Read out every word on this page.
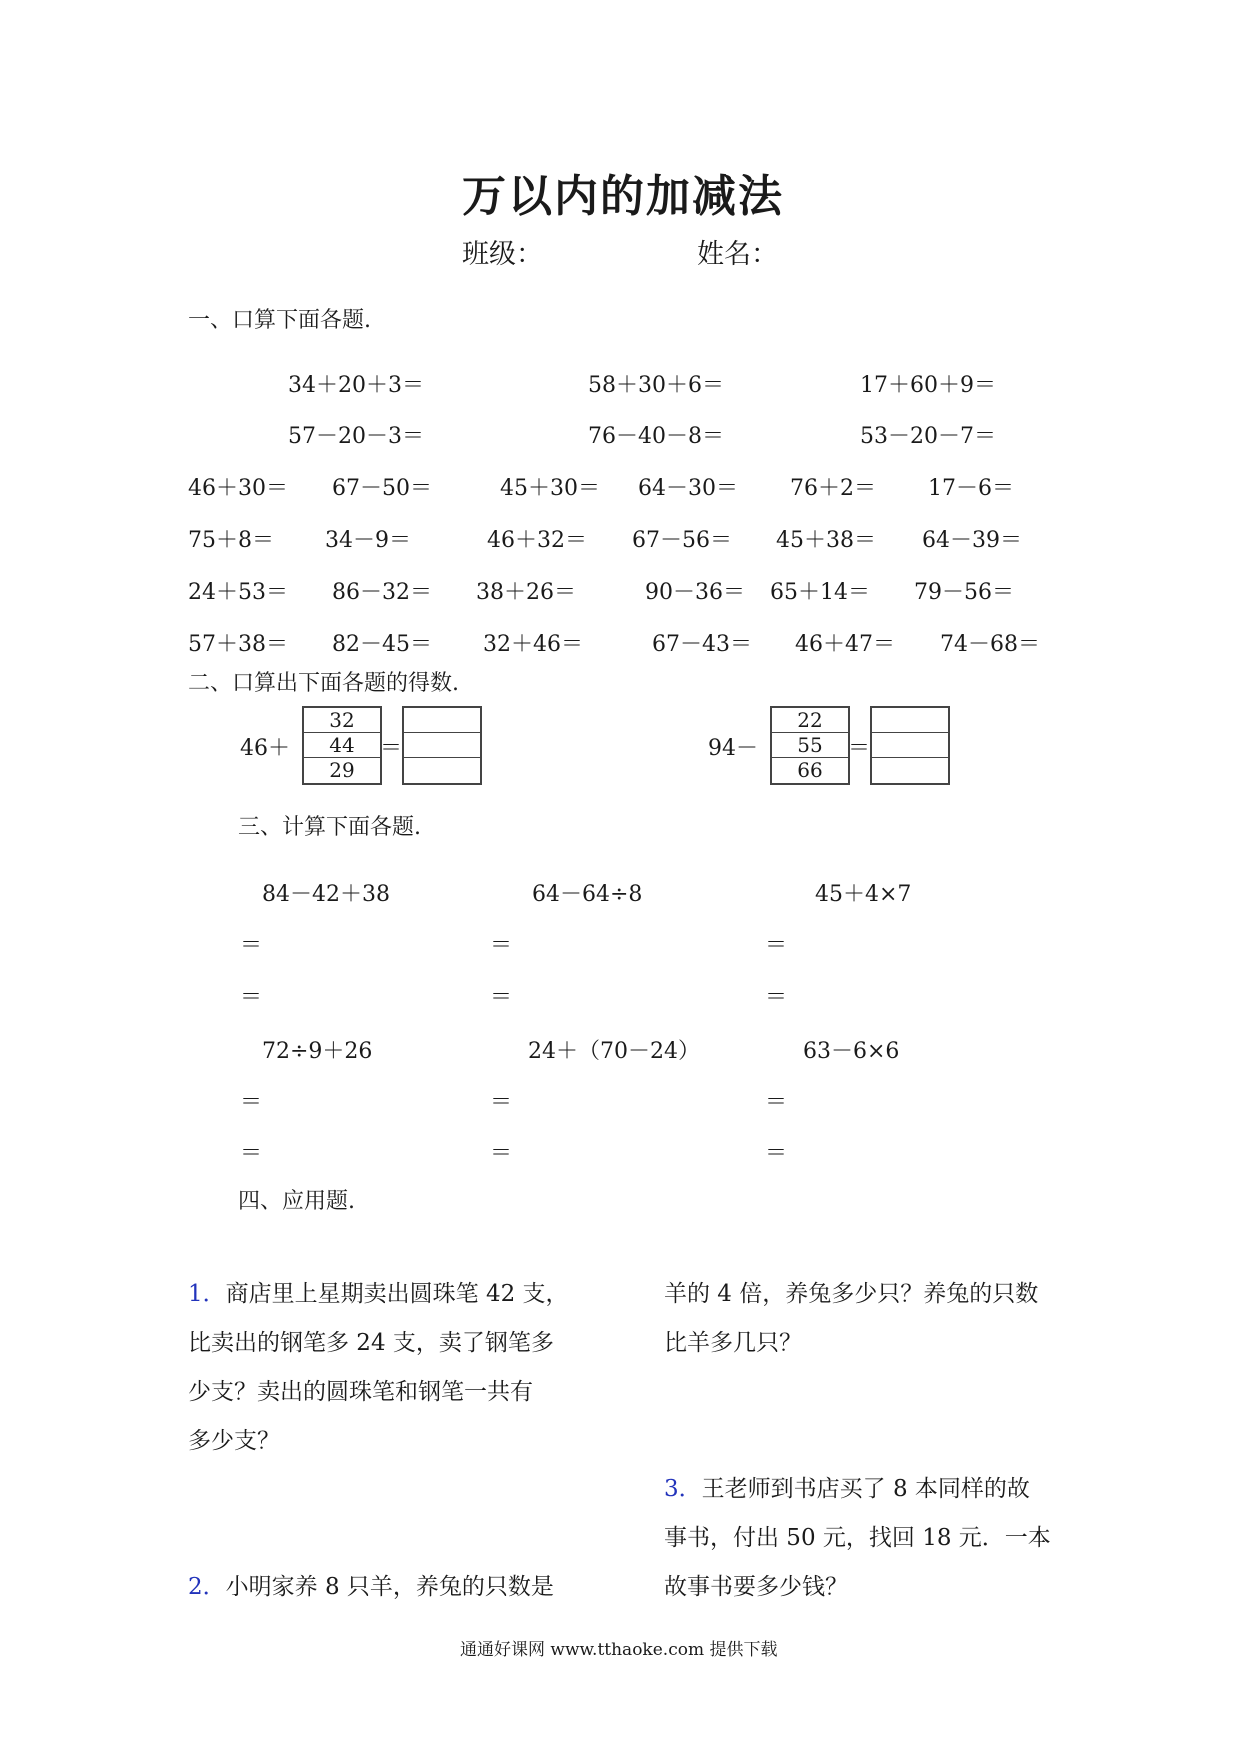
万以内的加减法
班级：	姓名：
一、口算下面各题.
34＋20＋3＝	58＋30＋6＝	17＋60＋9＝
57－20－3＝	76－40－8＝	53－20－7＝
46＋30＝ 67－50＝	45＋30＝ 64－30＝ 76＋2＝ 17－6＝
75＋8＝ 34－9＝	46＋32＝ 67－56＝ 45＋38＝ 64－39＝
24＋53＝ 86－32＝ 38＋26＝	90－36＝ 65＋14＝ 79－56＝
57＋38＝ 82－45＝ 32＋46＝	67－43＝ 46＋47＝ 74－68＝
二、口算出下面各题的得数.
46＋
32
44
29
＝	94－
22
55
66
＝
三、计算下面各题.
84－42＋38	64－64÷8	45＋4×7
＝	＝	＝
＝	＝	＝
72÷9＋26	24＋（70－24）	63－6×6
＝	＝	＝
＝	＝	＝
四、应用题.
1．商店里上星期卖出圆珠笔 42 支，
比卖出的钢笔多 24 支，卖了钢笔多
少支？卖出的圆珠笔和钢笔一共有
多少支？
2．小明家养 8 只羊，养兔的只数是
羊的 4 倍，养兔多少只？养兔的只数
比羊多几只？
3．王老师到书店买了 8 本同样的故
事书，付出 50 元，找回 18 元．一本
故事书要多少钱？
通通好课网 www.tthaoke.com 提供下载
